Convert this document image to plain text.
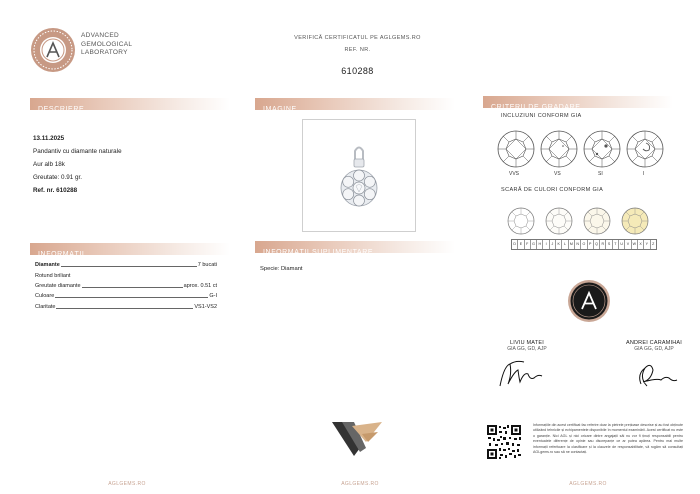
ADVANCED
GEMOLOGICAL
LABORATORY
VERIFICĂ CERTIFICATUL PE AGLGEMS.RO
REF. NR.
610288
DESCRIERE	IMAGINE	CRITERII DE GRADARE
INFORMAȚII	INFORMAȚII SUPLIMENTARE
13.11.2025
Pandantiv cu diamante naturale
Aur alb 18k
Greutate: 0.91 gr.
Ref. nr. 610288
Diamante	7 bucati
Rotund briliant
Greutate diamante	aprox. 0.51 ct
Culoare	G-I
Claritate	VS1-VS2
Specie: Diamant
INCLUZIUNI CONFORM GIA
VVS	VS	SI	I
SCARĂ DE CULORI CONFORM GIA
D	E	F	G H	I	J	K	L	M N O	P	Q R	S	T	U	V W X	Y	Z
LIVIU MATEI
GIA GG, GD, AJP
ANDREI CARAMIHAI
GIA GG, GD, AJP
Informațiile din acest certificat fac referire doar la pietrele prețioase descrise și au fost obținute utilizând tehnicile și echipamentele disponibile în momentul examinării. Acest certificat nu este o garanție. Nici AGL și nici oricare dintre angajații săi nu vor fi ținuți responsabili pentru eventualele diferențe de opinie sau discrepanțe ce ar putea apărea. Pentru mai multe informații referitoare la clasificare și la clauzele de responsabilitate, vă rugăm să consultați AGLgems.ro sau să ne contactați.
AGLGEMS.RO	AGLGEMS.RO	AGLGEMS.RO
